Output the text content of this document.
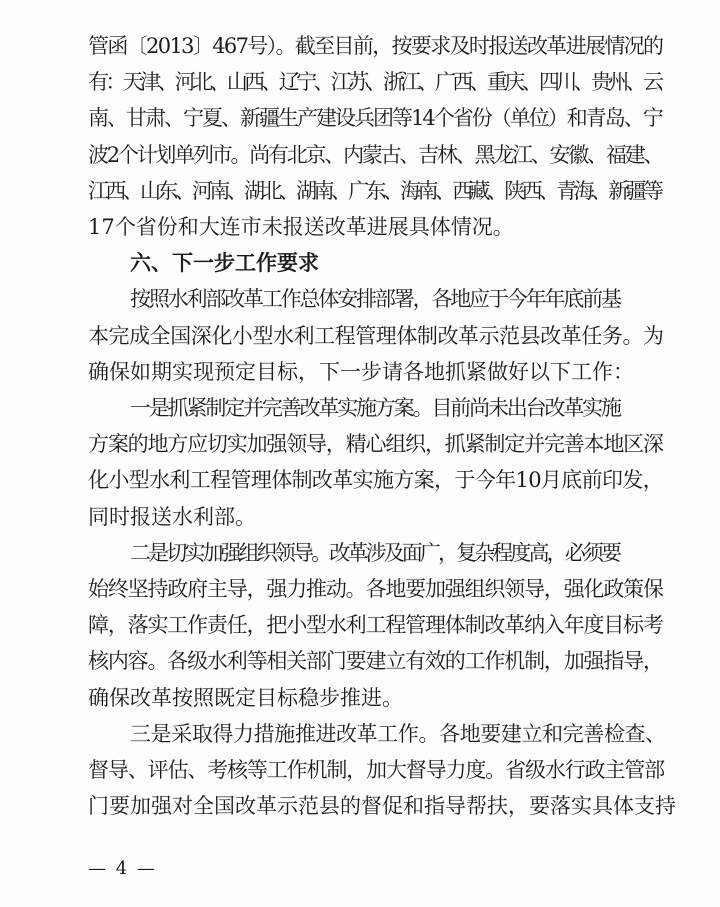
管函〔2013〕467号）。截至目前，按要求及时报送改革进展情况的
有：天津、河北、山西、辽宁、江苏、浙江、广西、重庆、四川、贵州、云
南、甘肃、宁夏、新疆生产建设兵团等14个省份（单位）和青岛、宁
波2个计划单列市。尚有北京、内蒙古、吉林、黑龙江、安徽、福建、
江西、山东、河南、湖北、湖南、广东、海南、西藏、陕西、青海、新疆等
17个省份和大连市未报送改革进展具体情况。

六、下一步工作要求

按照水利部改革工作总体安排部署，各地应于今年年底前基
本完成全国深化小型水利工程管理体制改革示范县改革任务。为
确保如期实现预定目标，下一步请各地抓紧做好以下工作：

一是抓紧制定并完善改革实施方案。目前尚未出台改革实施
方案的地方应切实加强领导，精心组织，抓紧制定并完善本地区深
化小型水利工程管理体制改革实施方案，于今年10月底前印发，
同时报送水利部。

二是切实加强组织领导。改革涉及面广，复杂程度高，必须要
始终坚持政府主导，强力推动。各地要加强组织领导，强化政策保
障，落实工作责任，把小型水利工程管理体制改革纳入年度目标考
核内容。各级水利等相关部门要建立有效的工作机制，加强指导，
确保改革按照既定目标稳步推进。

三是采取得力措施推进改革工作。各地要建立和完善检查、
督导、评估、考核等工作机制，加大督导力度。省级水行政主管部
门要加强对全国改革示范县的督促和指导帮扶，要落实具体支持

— 4 —
